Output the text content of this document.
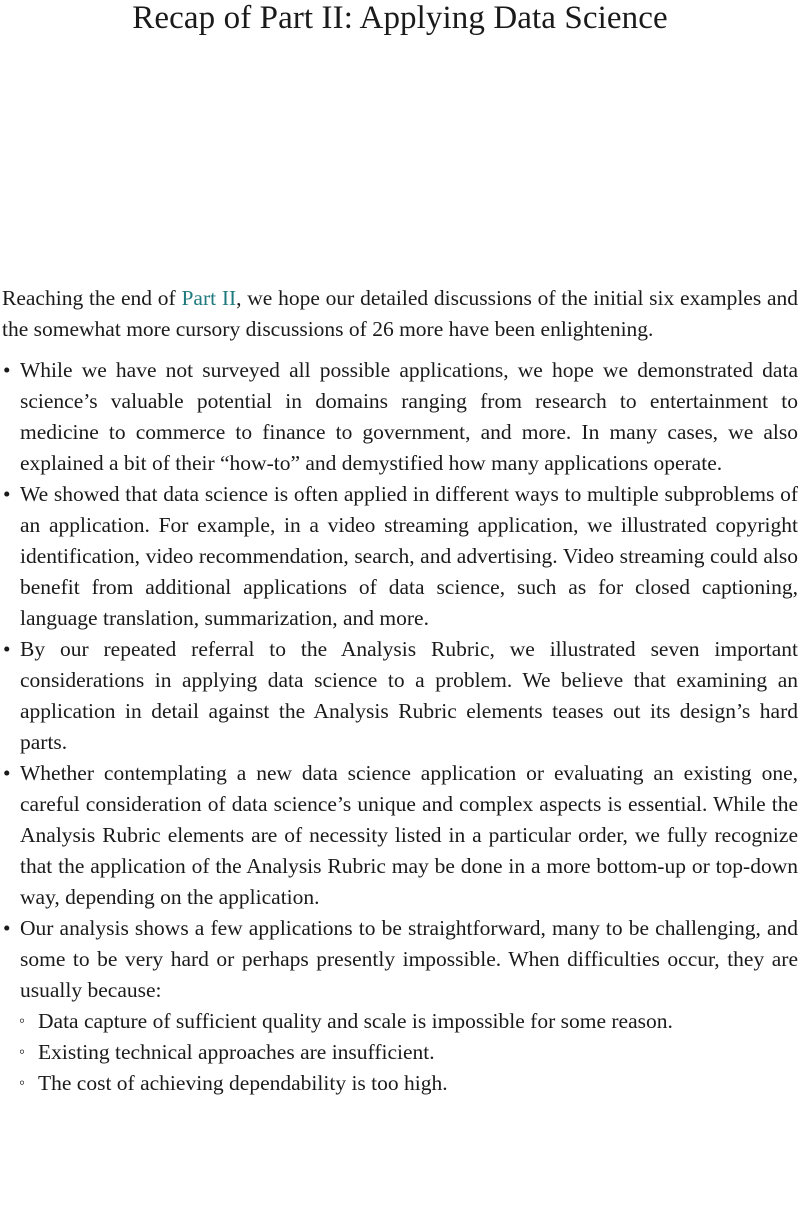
Recap of Part II: Applying Data Science

Reaching the end of Part II, we hope our detailed discussions of the initial six examples and the somewhat more cursory discussions of 26 more have been enlightening.

• While we have not surveyed all possible applications, we hope we demonstrated data science’s valuable potential in domains ranging from research to entertainment to medicine to commerce to finance to government, and more. In many cases, we also explained a bit of their “how-to” and demystified how many applications operate.
• We showed that data science is often applied in different ways to multiple subproblems of an application. For example, in a video streaming application, we illustrated copyright identification, video recommendation, search, and advertising. Video streaming could also benefit from additional applications of data science, such as for closed captioning, language translation, summarization, and more.
• By our repeated referral to the Analysis Rubric, we illustrated seven important considerations in applying data science to a problem. We believe that examining an application in detail against the Analysis Rubric elements teases out its design’s hard parts.
• Whether contemplating a new data science application or evaluating an existing one, careful consideration of data science’s unique and complex aspects is essential. While the Analysis Rubric elements are of necessity listed in a particular order, we fully recognize that the application of the Analysis Rubric may be done in a more bottom-up or top-down way, depending on the application.
• Our analysis shows a few applications to be straightforward, many to be challenging, and some to be very hard or perhaps presently impossible. When difficulties occur, they are usually because:
◦ Data capture of sufficient quality and scale is impossible for some reason.
◦ Existing technical approaches are insufficient.
◦ The cost of achieving dependability is too high.
